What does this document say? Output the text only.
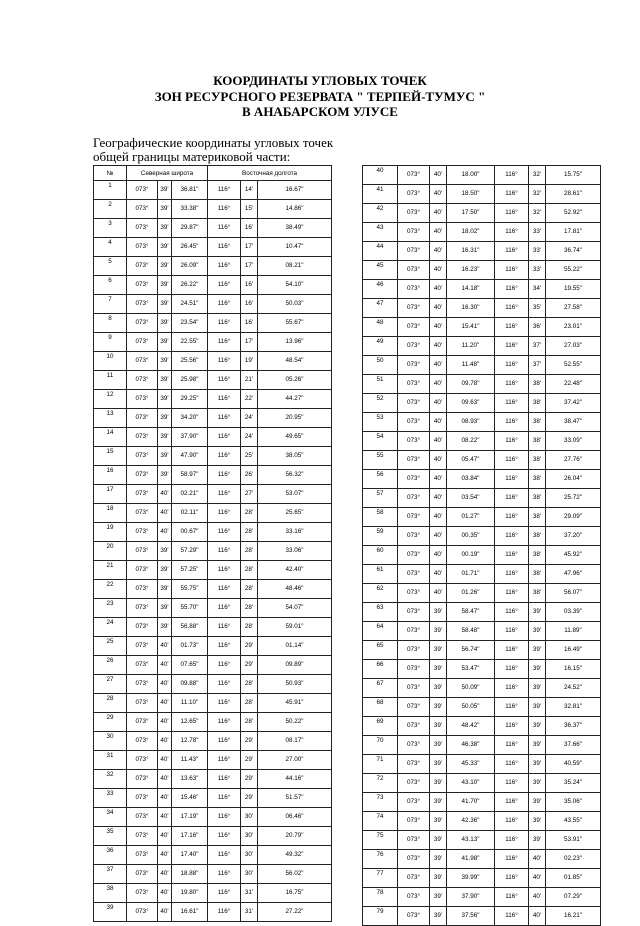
КООРДИНАТЫ УГЛОВЫХ ТОЧЕК
ЗОН РЕСУРСНОГО РЕЗЕРВАТА " ТЕРПЕЙ-ТУМУС "
В АНАБАРСКОМ УЛУСЕ
Географические координаты угловых точек
общей границы материковой части:
№	Северная широта			Восточная долгота		
1	073°	39'	36.81"	116°	14'	16.67"
2	073°	39'	33.38"	116°	15'	14.86"
3	073°	39'	29.87"	116°	16'	38.49"
4	073°	39'	26.45"	116°	17'	10.47"
5	073°	39'	26.09"	116°	17'	08.21"
6	073°	39'	26.22"	116°	16'	54.10"
7	073°	39'	24.51"	116°	16'	50.03"
8	073°	39'	23.54"	116°	16'	55.67"
9	073°	39'	22.55"	116°	17'	13.96"
10	073°	39'	25.56"	116°	19'	48.54"
11	073°	39'	25.98"	116°	21'	05.26"
12	073°	39'	29.25"	116°	22'	44.27"
13	073°	39'	34.20"	116°	24'	20.95"
14	073°	39'	37.90"	116°	24'	49.65"
15	073°	39'	47.90"	116°	25'	38.05"
16	073°	39'	58.97"	116°	26'	56.32"
17	073°	40'	02.21"	116°	27'	53.07"
18	073°	40'	02.11"	116°	28'	25.65"
19	073°	40'	00.67"	116°	28'	33.16"
20	073°	39'	57.29"	116°	28'	33.06"
21	073°	39'	57.25"	116°	28'	42.40"
22	073°	39'	55.75"	116°	28'	48.46"
23	073°	39'	55.70"	116°	28'	54.07"
24	073°	39'	56.88"	116°	28'	59.01"
25	073°	40'	01.73"	116°	29'	01.14"
26	073°	40'	07.65"	116°	29'	09.89"
27	073°	40'	09.88"	116°	28'	50.93"
28	073°	40'	11.10"	116°	28'	45.91"
29	073°	40'	12.65"	116°	28'	50.22"
30	073°	40'	12.78"	116°	29'	08.17"
31	073°	40'	11.43"	116°	29'	27.00"
32	073°	40'	13.63"	116°	29'	44.16"
33	073°	40'	15.46"	116°	29'	51.57"
34	073°	40'	17.19"	116°	30'	06.46"
35	073°	40'	17.16"	116°	30'	20.79"
36	073°	40'	17.40"	116°	30'	49.32"
37	073°	40'	18.88"	116°	30'	56.02"
38	073°	40'	19.80"	116°	31'	16.75"
39	073°	40'	16.61"	116°	31'	27.22"
40	073°	40'	18.00"	116°	32'	15.75"
41	073°	40'	18.50"	116°	32'	28.61"
42	073°	40'	17.50"	116°	32'	52.92"
43	073°	40'	18.02"	116°	33'	17.81"
44	073°	40'	16.31"	116°	33'	36.74"
45	073°	40'	16.23"	116°	33'	55.22"
46	073°	40'	14.18"	116°	34'	19.55"
47	073°	40'	16.30"	116°	35'	27.58"
48	073°	40'	15.41"	116°	36'	23.01"
49	073°	40'	11.20"	116°	37'	27.03"
50	073°	40'	11.48"	116°	37'	52.55"
51	073°	40'	09.78"	116°	38'	22.48"
52	073°	40'	09.63"	116°	38'	37.42"
53	073°	40'	08.93"	116°	38'	38.47"
54	073°	40'	08.22"	116°	38'	33.09"
55	073°	40'	05.47"	116°	38'	27.76"
56	073°	40'	03.84"	116°	38'	26.04"
57	073°	40'	03.54"	116°	38'	25.72"
58	073°	40'	01.27"	116°	38'	29.09"
59	073°	40'	00.35"	116°	38'	37.20"
60	073°	40'	00.19"	116°	38'	45.92"
61	073°	40'	01.71"	116°	38'	47.96"
62	073°	40'	01.26"	116°	38'	56.07"
63	073°	39'	58.47"	116°	39'	03.39"
64	073°	39'	58.48"	116°	39'	11.89"
65	073°	39'	56.74"	116°	39'	16.49"
66	073°	39'	53.47"	116°	39'	16.15"
67	073°	39'	50.09"	116°	39'	24.52"
68	073°	39'	50.05"	116°	39'	32.81"
69	073°	39'	48.42"	116°	39'	36.37"
70	073°	39'	46.38"	116°	39'	37.66"
71	073°	39'	45.33"	116°	39'	40.59"
72	073°	39'	43.10"	116°	39'	35.24"
73	073°	39'	41.70"	116°	39'	35.06"
74	073°	39'	42.36"	116°	39'	43.55"
75	073°	39'	43.13"	116°	39'	53.91"
76	073°	39'	41.98"	116°	40'	02.23"
77	073°	39'	39.99"	116°	40'	01.85"
78	073°	39'	37.90"	116°	40'	07.29"
79	073°	39'	37.56"	116°	40'	16.21"
